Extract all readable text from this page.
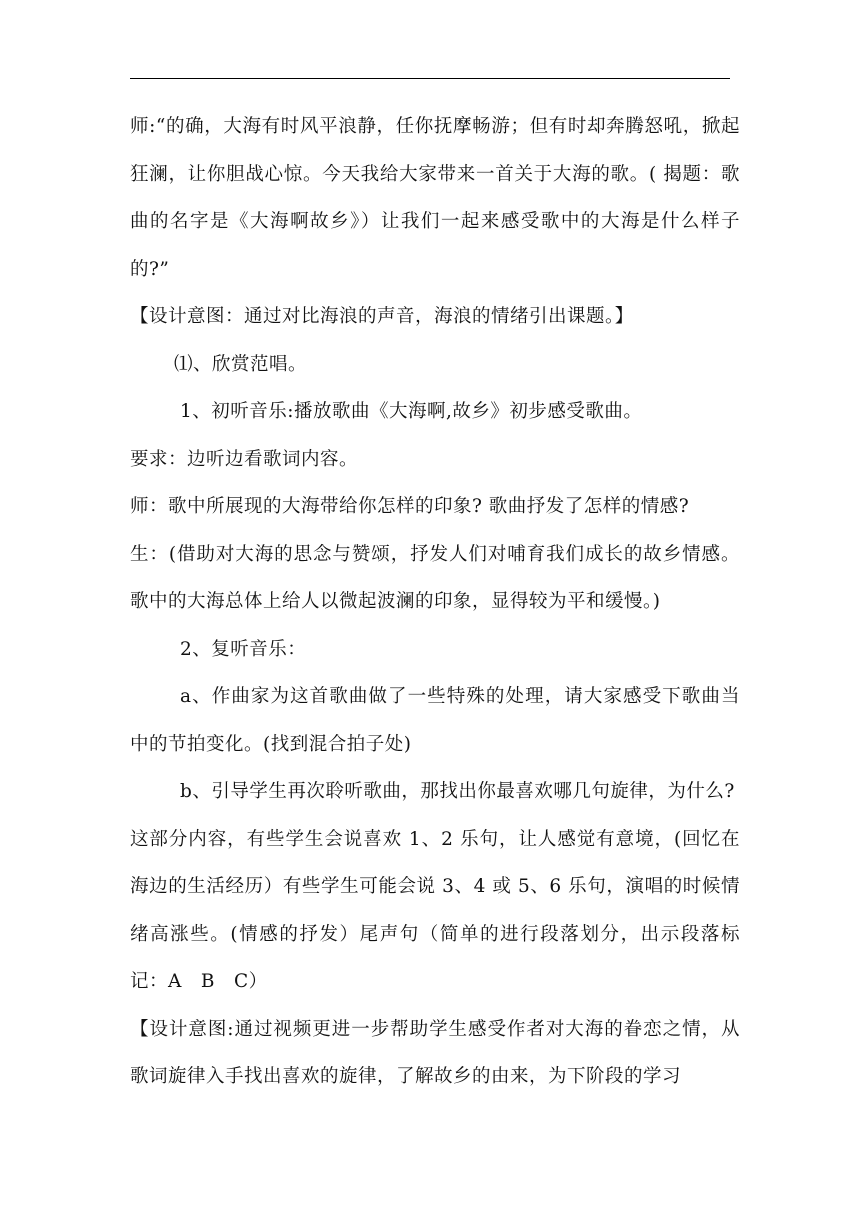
师:“的确，大海有时风平浪静，任你抚摩畅游；但有时却奔腾怒吼，掀起狂澜，让你胆战心惊。今天我给大家带来一首关于大海的歌。( 揭题：歌曲的名字是《大海啊故乡》）让我们一起来感受歌中的大海是什么样子的?”

【设计意图：通过对比海浪的声音，海浪的情绪引出课题。】

⑴、欣赏范唱。

1、初听音乐:播放歌曲《大海啊,故乡》初步感受歌曲。

要求：边听边看歌词内容。

师：歌中所展现的大海带给你怎样的印象? 歌曲抒发了怎样的情感?

生：(借助对大海的思念与赞颂，抒发人们对哺育我们成长的故乡情感。歌中的大海总体上给人以微起波澜的印象，显得较为平和缓慢。)

2、复听音乐：

a、作曲家为这首歌曲做了一些特殊的处理，请大家感受下歌曲当中的节拍变化。(找到混合拍子处)

b、引导学生再次聆听歌曲，那找出你最喜欢哪几句旋律，为什么?

这部分内容，有些学生会说喜欢 1、2 乐句，让人感觉有意境，(回忆在海边的生活经历）有些学生可能会说 3、4 或 5、6 乐句，演唱的时候情绪高涨些。(情感的抒发）尾声句（简单的进行段落划分，出示段落标记：A　B　C）

【设计意图:通过视频更进一步帮助学生感受作者对大海的眷恋之情，从歌词旋律入手找出喜欢的旋律，了解故乡的由来，为下阶段的学习
